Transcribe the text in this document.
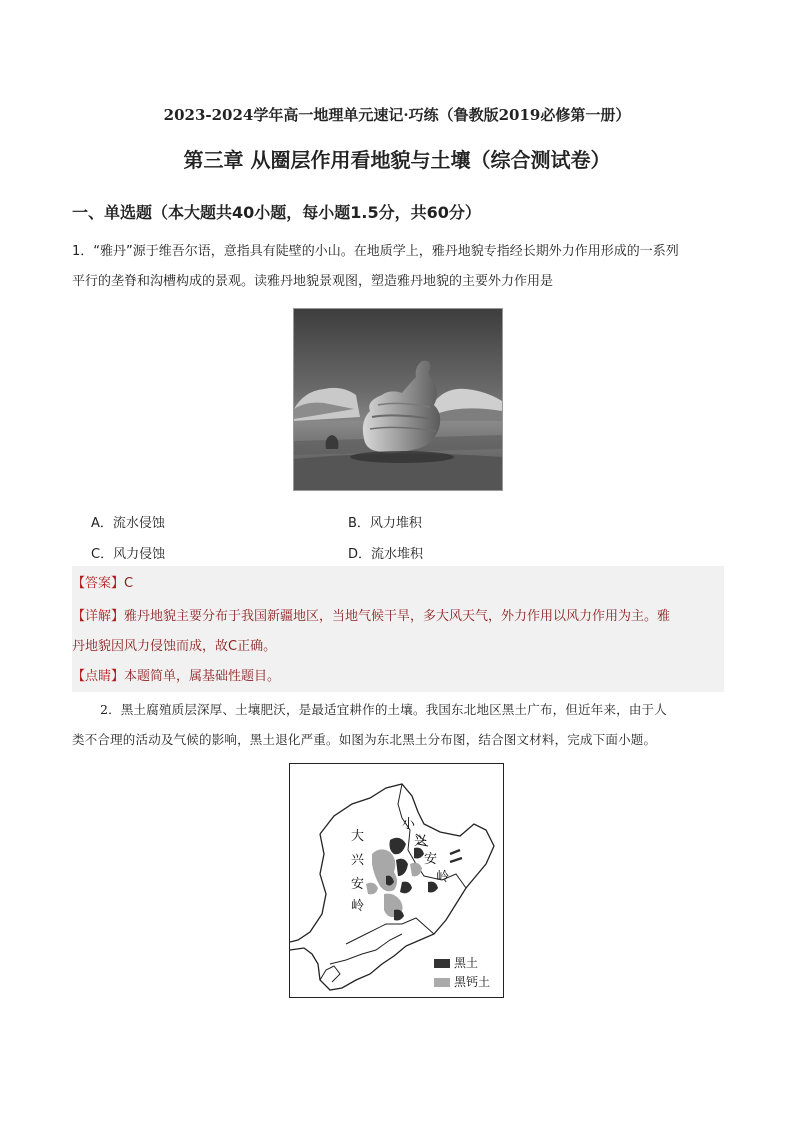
2023-2024学年高一地理单元速记·巧练（鲁教版2019必修第一册）
第三章 从圈层作用看地貌与土壤（综合测试卷）
一、单选题（本大题共40小题，每小题1.5分，共60分）
1．“雅丹”源于维吾尔语，意指具有陡壁的小山。在地质学上，雅丹地貌专指经长期外力作用形成的一系列
平行的垄脊和沟槽构成的景观。读雅丹地貌景观图，塑造雅丹地貌的主要外力作用是
A．流水侵蚀	B．风力堆积
C．风力侵蚀	D．流水堆积
【答案】C
【详解】雅丹地貌主要分布于我国新疆地区，当地气候干旱，多大风天气，外力作用以风力作用为主。雅
丹地貌因风力侵蚀而成，故C正确。
【点睛】本题简单，属基础性题目。
2．黑土腐殖质层深厚、土壤肥沃，是最适宜耕作的土壤。我国东北地区黑土广布，但近年来，由于人
类不合理的活动及气候的影响，黑土退化严重。如图为东北黑土分布图，结合图文材料，完成下面小题。
大
兴
安
岭
小
兴
安
岭
黑土
黑钙土
